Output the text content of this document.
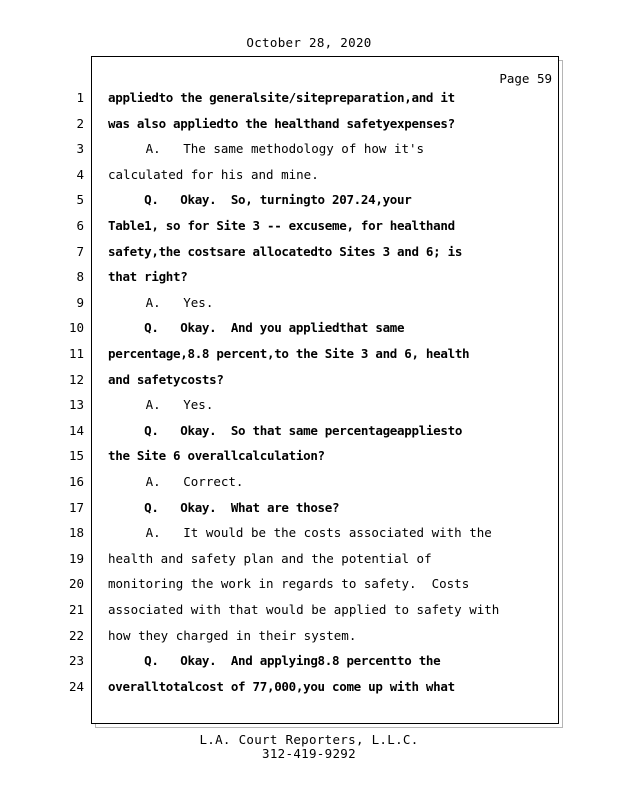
October 28, 2020
Page 59
1 appliedto the generalsite/sitepreparation,and it
2 was also appliedto the healthand safetyexpenses?
3 A.   The same methodology of how it's
4 calculated for his and mine.
5 Q.   Okay.  So, turningto 207.24,your
6 Table1, so for Site 3 -- excuseme, for healthand
7 safety,the costsare allocatedto Sites 3 and 6; is
8 that right?
9 A.   Yes.
10 Q.   Okay.  And you appliedthat same
11 percentage,8.8 percent,to the Site 3 and 6, health
12 and safetycosts?
13 A.   Yes.
14 Q.   Okay.  So that same percentageappliesto
15 the Site 6 overallcalculation?
16 A.   Correct.
17 Q.   Okay.  What are those?
18 A.   It would be the costs associated with the
19 health and safety plan and the potential of
20 monitoring the work in regards to safety.  Costs
21 associated with that would be applied to safety with
22 how they charged in their system.
23 Q.   Okay.  And applying8.8 percentto the
24 overalltotalcost of 77,000,you come up with what
L.A. Court Reporters, L.L.C.
312-419-9292
